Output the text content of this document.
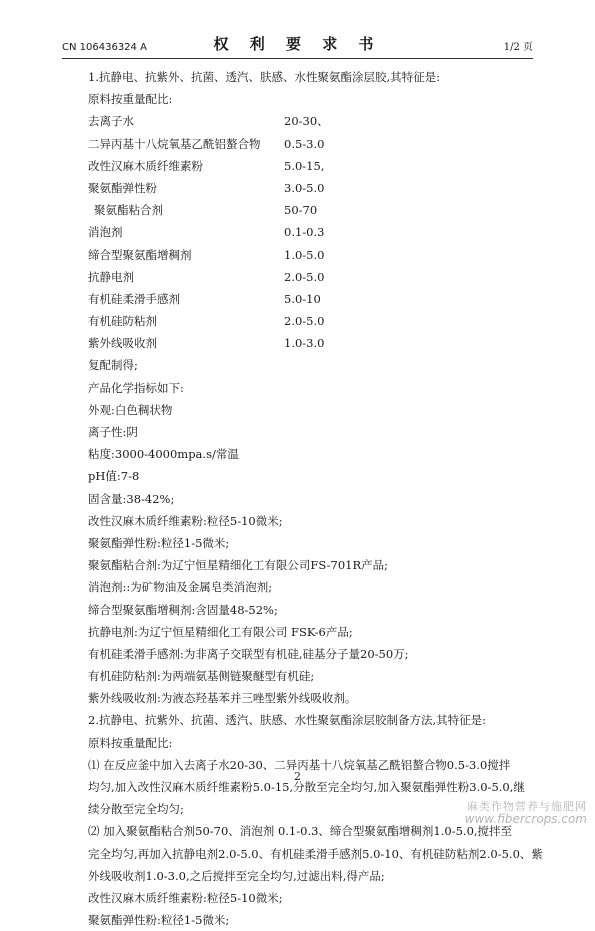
CN 106436324 A	权 利 要 求 书	1/2 页
1.抗静电、抗紫外、抗菌、透汽、肤感、水性聚氨酯涂层胶,其特征是:
原料按重量配比:
去离子水	20-30、
二异丙基十八烷氧基乙酰铝螯合物	0.5-3.0
改性汉麻木质纤维素粉	5.0-15,
聚氨酯弹性粉	3.0-5.0
聚氨酯粘合剂	50-70
消泡剂	0.1-0.3
缔合型聚氨酯增稠剂	1.0-5.0
抗静电剂	2.0-5.0
有机硅柔滑手感剂	5.0-10
有机硅防粘剂	2.0-5.0
紫外线吸收剂	1.0-3.0
复配制得;
产品化学指标如下:
外观:白色稠状物
离子性:阴
粘度:3000-4000mpa.s/常温
pH值:7-8
固含量:38-42%;
改性汉麻木质纤维素粉:粒径5-10微米;
聚氨酯弹性粉:粒径1-5微米;
聚氨酯粘合剂:为辽宁恒星精细化工有限公司FS-701R产品;
消泡剂::为矿物油及金属皂类消泡剂;
缔合型聚氨酯增稠剂:含固量48-52%;
抗静电剂:为辽宁恒星精细化工有限公司 FSK-6产品;
有机硅柔滑手感剂:为非离子交联型有机硅,硅基分子量20-50万;
有机硅防粘剂:为两端氨基侧链聚醚型有机硅;
紫外线吸收剂:为液态羟基苯并三唑型紫外线吸收剂。
2.抗静电、抗紫外、抗菌、透汽、肤感、水性聚氨酯涂层胶制备方法,其特征是:
原料按重量配比:
⑴ 在反应釜中加入去离子水20-30、二异丙基十八烷氧基乙酰铝螯合物0.5-3.0搅拌
均匀,加入改性汉麻木质纤维素粉5.0-15,分散至完全均匀,加入聚氨酯弹性粉3.0-5.0,继
续分散至完全均匀;
⑵ 加入聚氨酯粘合剂50-70、消泡剂 0.1-0.3、缔合型聚氨酯增稠剂1.0-5.0,搅拌至
完全均匀,再加入抗静电剂2.0-5.0、有机硅柔滑手感剂5.0-10、有机硅防粘剂2.0-5.0、紫
外线吸收剂1.0-3.0,之后搅拌至完全均匀,过滤出料,得产品;
改性汉麻木质纤维素粉:粒径5-10微米;
聚氨酯弹性粉:粒径1-5微米;
2
麻类作物营养与施肥网
www.fibercrops.com
